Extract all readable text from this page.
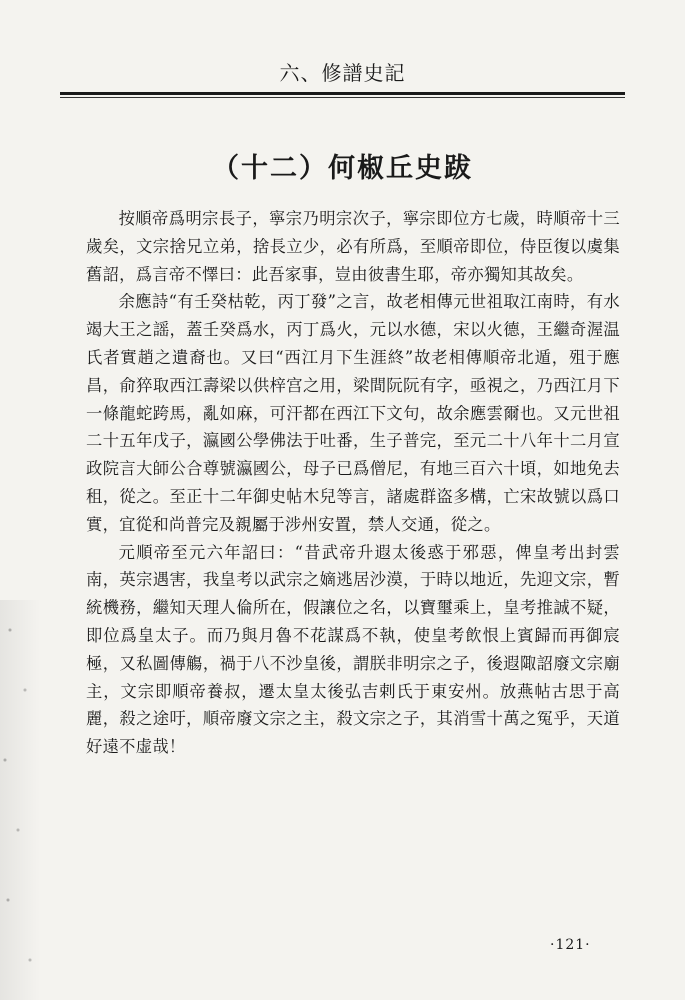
六、修譜史記
（十二）何椒丘史跋

按順帝爲明宗長子，寧宗乃明宗次子，寧宗即位方七歲，時順帝十三歲矣，文宗捨兄立弟，捨長立少，必有所爲，至順帝即位，侍臣復以虞集舊詔，爲言帝不懌曰：此吾家事，豈由彼書生耶，帝亦獨知其故矣。

余應詩“有壬癸枯乾，丙丁發”之言，故老相傳元世祖取江南時，有水竭大王之謡，蓋壬癸爲水，丙丁爲火，元以水德，宋以火德，王繼奇渥温氏者實趙之遺裔也。又曰“西江月下生涯終”故老相傳順帝北遁，殂于應昌，俞猝取西江壽梁以供梓宫之用，梁間阮阮有字，亟視之，乃西江月下一條龍蛇跨馬，亂如麻，可汗都在西江下文句，故余應雲爾也。又元世祖二十五年戊子，瀛國公學佛法于吐番，生子普完，至元二十八年十二月宣政院言大師公合尊號瀛國公，母子已爲僧尼，有地三百六十頃，如地免去租，從之。至正十二年御史帖木兒等言，諸處群盗多構，亡宋故號以爲口實，宜從和尚普完及親屬于涉州安置，禁人交通，從之。

元順帝至元六年詔曰：“昔武帝升遐太後惑于邪惡，俾皇考出封雲南，英宗遇害，我皇考以武宗之嫡逃居沙漠，于時以地近，先迎文宗，暫統機務，繼知天理人倫所在，假讓位之名，以寶璽乘上，皇考推誠不疑，即位爲皇太子。而乃與月魯不花謀爲不執，使皇考飲恨上賓歸而再御宸極，又私圖傳觴，禍于八不沙皇後，謂朕非明宗之子，後遐陬詔廢文宗廟主，文宗即順帝養叔，遷太皇太後弘吉剌氏于東安州。放燕帖古思于高麗，殺之途吁，順帝廢文宗之主，殺文宗之子，其消雪十萬之冤乎，天道好遠不虚哉！

·121·
